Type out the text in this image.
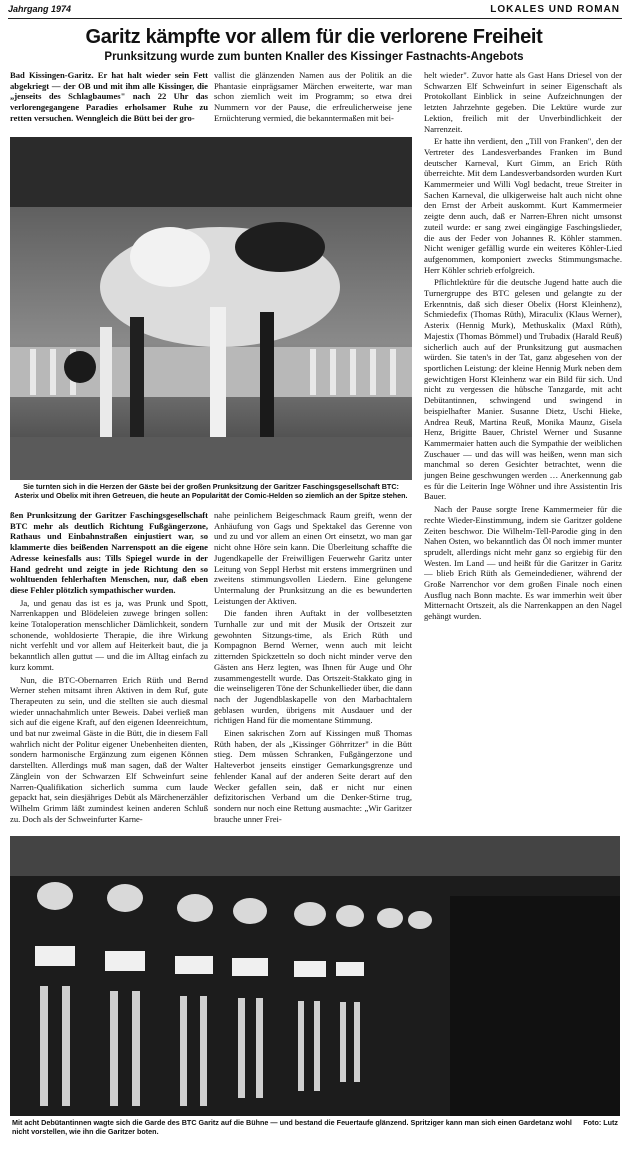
Jahrgang 1974	LOKALES UND ROMAN
Garitz kämpfte vor allem für die verlorene Freiheit
Prunksitzung wurde zum bunten Knaller des Kissinger Fastnachts-Angebots

Bad Kissingen-Garitz. Er hat halt wieder sein Fett abgekriegt — der OB und mit ihm alle Kissinger, die „jenseits des Schlagbaumes" nach 22 Uhr das verlorengegangene Paradies erholsamer Ruhe zu retten versuchen. Wenngleich die Bütt bei der gro-

vallist die glänzenden Namen aus der Politik an die Phantasie einprägsamer Märchen erweiterte, war man schon ziemlich weit im Programm; so etwa drei Nummern vor der Pause, die erfreulicherweise jene Ernüchterung vermied, die bekanntermaßen mit bei-

Sie turnten sich in die Herzen der Gäste bei der großen Prunksitzung der Garitzer Faschingsgesellschaft BTC: Asterix und Obelix mit ihren Getreuen, die heute an Popularität der Comic-Helden so ziemlich an der Spitze stehen.

helt wieder". Zuvor hatte als Gast Hans Driesel von der Schwarzen Elf Schweinfurt in seiner Eigenschaft als Protokollant Einblick in seine Aufzeichnungen der letzten Jahrzehnte gegeben. Die Lektüre wurde zur Lektion, freilich mit der Unverbindlichkeit der Narrenzeit.

Er hatte ihn verdient, den „Till von Franken", den der Vertreter des Landesverbandes Franken im Bund deutscher Karneval, Kurt Gimm, an Erich Rüth überreichte. Mit dem Landesverbandsorden wurden Kurt Kammermeier und Willi Vogl bedacht, treue Streiter in Sachen Karneval, die ulkigerweise halt auch nicht ohne den Ernst der Arbeit auskommt. Kurt Kammermeier zeigte denn auch, daß er Narren-Ehren nicht umsonst zuteil wurde: er sang zwei eingängige Faschingslieder, die aus der Feder von Johannes R. Köhler stammen. Nicht weniger gefällig wurde ein weiteres Köhler-Lied aufgenommen, komponiert zwecks Stimmungsmache. Herr Köhler schrieb erfolgreich.

Pflichtlektüre für die deutsche Jugend hatte auch die Turnergruppe des BTC gelesen und gelangte zu der Erkenntnis, daß sich dieser Obelix (Horst Kleinhenz), Schmiedefix (Thomas Rüth), Miraculix (Klaus Werner), Asterix (Hennig Murk), Methuskalix (Maxl Rüth), Majestix (Thomas Bömmel) und Trubadix (Harald Reuß) sicherlich auch auf der Prunksitzung gut ausmachen würden. Sie taten's in der Tat, ganz abgesehen von der sportlichen Leistung: der kleine Hennig Murk neben dem gewichtigen Horst Kleinhenz war ein Bild für sich. Und nicht zu vergessen die hübsche Tanzgarde, mit acht Debütantinnen, schwingend und swingend in beispielhafter Manier. Susanne Dietz, Uschi Hieke, Andrea Reuß, Martina Reuß, Monika Maunz, Gisela Henz, Brigitte Bauer, Christel Werner und Susanne Kammermaier hatten auch die Sympathie der weiblichen Zuschauer — und das will was heißen, wenn man sich manchmal so deren Gesichter betrachtet, wenn die jungen Beine geschwungen werden … Anerkennung gab es für die Leiterin Inge Wöhner und ihre Assistentin Iris Bauer.

Nach der Pause sorgte Irene Kammermeier für die rechte Wieder-Einstimmung, indem sie Garitzer goldene Zeiten beschwor. Die Wilhelm-Tell-Parodie ging in den Nahen Osten, wo bekanntlich das Öl noch immer munter sprudelt, allerdings nicht mehr ganz so ergiebig für den Westen. Im Land — und heißt für die Garitzer in Garitz — blieb Erich Rüth als Gemeindediener, während der Große Narrenchor vor dem großen Finale noch einen Ausflug nach Bonn machte. Es war immerhin weit über Mitternacht Ortszeit, als die Narrenkappen an den Nagel gehängt wurden.

ßen Prunksitzung der Garitzer Faschingsgesellschaft BTC mehr als deutlich Richtung Fußgängerzone, Rathaus und Einbahnstraßen einjustiert war, so klammerte dies beißenden Narrenspott an die eigene Adresse keinesfalls aus: Tills Spiegel wurde in der Hand gedreht und zeigte in jede Richtung den so wohltuenden fehlerhaften Menschen, nur, daß eben diese Fehler plötzlich sympathischer wurden.

Ja, und genau das ist es ja, was Prunk und Spott, Narrenkappen und Blödeleien zuwege bringen sollen: keine Totaloperation menschlicher Dämlichkeit, sondern schonende, wohldosierte Therapie, die ihre Wirkung nicht verfehlt und vor allem auf Heiterkeit baut, die ja bekanntlich allen guttut — und die im Alltag einfach zu kurz kommt.

Nun, die BTC-Obernarren Erich Rüth und Bernd Werner stehen mitsamt ihren Aktiven in dem Ruf, gute Therapeuten zu sein, und die stellten sie auch diesmal wieder unnachahmlich unter Beweis. Dabei verließ man sich auf die eigene Kraft, auf den eigenen Ideenreichtum, und bat nur zweimal Gäste in die Bütt, die in diesem Fall wahrlich nicht der Politur eigener Unebenheiten dienten, sondern harmonische Ergänzung zum eigenen Können darstellten. Allerdings muß man sagen, daß der Walter Zänglein von der Schwarzen Elf Schweinfurt seine Narren-Qualifikation sicherlich summa cum laude gepackt hat, sein diesjähriges Debüt als Märchenerzähler Wilhelm Grimm läßt zumindest keinen anderen Schluß zu. Doch als der Schweinfurter Karne-

nahe peinlichem Beigeschmack Raum greift, wenn der Anhäufung von Gags und Spektakel das Gerenne von und zu und vor allem an einen Ort einsetzt, wo man gar nicht ohne Höre sein kann. Die Überleitung schaffte die Jugendkapelle der Freiwilligen Feuerwehr Garitz unter Leitung von Seppl Herbst mit erstens immergrünen und zweitens stimmungsvollen Liedern. Eine gelungene Untermalung der Prunksitzung an die es bewunderten Leistungen der Aktiven.

Die fanden ihren Auftakt in der vollbesetzten Turnhalle zur und mit der Musik der Ortszeit zur gewohnten Sitzungs-time, als Erich Rüth und Kompagnon Bernd Werner, wenn auch mit leicht zitternden Spickzetteln so doch nicht minder verve den Gästen ans Herz legten, was Ihnen für Auge und Ohr zusammengestellt wurde. Das Ortszeit-Stakkato ging in die weinseligeren Töne der Schunkellieder über, die dann nach der Jugendblaskapelle von den Marbachtalern geblasen wurden, übrigens mit Ausdauer und der richtigen Hand für die momentane Stimmung.

Einen sakrischen Zorn auf Kissingen muß Thomas Rüth haben, der als „Kissinger Göhrritzer" in die Bütt stieg. Dem müssen Schranken, Fußgängerzone und Halteverbot jenseits einstiger Gemarkungsgrenze und fehlender Kanal auf der anderen Seite derart auf den Wecker gefallen sein, daß er nicht nur einen defizitorischen Verband um die Denker-Stirne trug, sondern nur noch eine Rettung ausmachte: „Wir Garitzer brauche unner Frei-

Foto: Lutz
Mit acht Debütantinnen wagte sich die Garde des BTC Garitz auf die Bühne — und bestand die Feuertaufe glänzend. Spritziger kann man sich einen Gardetanz wohl nicht vorstellen, wie ihn die Garitzer boten.
